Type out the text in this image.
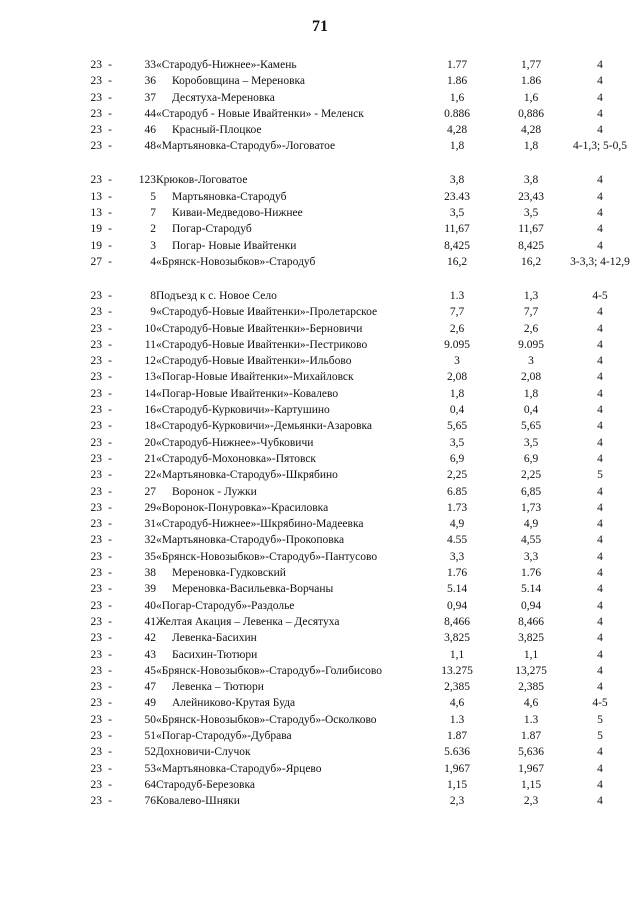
71
23	-	33	«Стародуб-Нижнее»-Камень	1.77	1,77	4
23	-	36	Коробовщина – Мереновка	1.86	1.86	4
23	-	37	Десятуха-Мереновка	1,6	1,6	4
23	-	44	«Стародуб - Новые Ивайтенки» - Меленск	0.886	0,886	4
23	-	46	Красный-Плоцкое	4,28	4,28	4
23	-	48	«Мартьяновка-Стародуб»-Логоватое	1,8	1,8	4-1,3; 5-0,5
23	-	123	Крюков-Логоватое	3,8	3,8	4
13	-	5	Мартьяновка-Стародуб	23.43	23,43	4
13	-	7	Киваи-Медведово-Нижнее	3,5	3,5	4
19	-	2	Погар-Стародуб	11,67	11,67	4
19	-	3	Погар- Новые Ивайтенки	8,425	8,425	4
27	-	4	«Брянск-Новозыбков»-Стародуб	16,2	16,2	3-3,3; 4-12,9
23	-	8	Подъезд к с. Новое Село	1.3	1,3	4-5
23	-	9	«Стародуб-Новые Ивайтенки»-Пролетарское	7,7	7,7	4
23	-	10	«Стародуб-Новые Ивайтенки»-Берновичи	2,6	2,6	4
23	-	11	«Стародуб-Новые Ивайтенки»-Пестриково	9.095	9.095	4
23	-	12	«Стародуб-Новые Ивайтенки»-Ильбово	3	3	4
23	-	13	«Погар-Новые Ивайтенки»-Михайловск	2,08	2,08	4
23	-	14	«Погар-Новые Ивайтенки»-Ковалево	1,8	1,8	4
23	-	16	«Стародуб-Курковичи»-Картушино	0,4	0,4	4
23	-	18	«Стародуб-Курковичи»-Демьянки-Азаровка	5,65	5,65	4
23	-	20	«Стародуб-Нижнее»-Чубковичи	3,5	3,5	4
23	-	21	«Стародуб-Мохоновка»-Пятовск	6,9	6,9	4
23	-	22	«Мартьяновка-Стародуб»-Шкрябино	2,25	2,25	5
23	-	27	Воронок - Лужки	6.85	6,85	4
23	-	29	«Воронок-Понуровка»-Красиловка	1.73	1,73	4
23	-	31	«Стародуб-Нижнее»-Шкрябино-Мадеевка	4,9	4,9	4
23	-	32	«Мартьяновка-Стародуб»-Прокоповка	4.55	4,55	4
23	-	35	«Брянск-Новозыбков»-Стародуб»-Пантусово	3,3	3,3	4
23	-	38	Мереновка-Гудковский	1.76	1.76	4
23	-	39	Мереновка-Васильевка-Ворчаны	5.14	5.14	4
23	-	40	«Погар-Стародуб»-Раздолье	0,94	0,94	4
23	-	41	Желтая Акация – Левенка – Десятуха	8,466	8,466	4
23	-	42	Левенка-Басихин	3,825	3,825	4
23	-	43	Басихин-Тютюри	1,1	1,1	4
23	-	45	«Брянск-Новозыбков»-Стародуб»-Голибисово	13.275	13,275	4
23	-	47	Левенка – Тютюри	2,385	2,385	4
23	-	49	Алейниково-Крутая Буда	4,6	4,6	4-5
23	-	50	«Брянск-Новозыбков»-Стародуб»-Осколково	1.3	1.3	5
23	-	51	«Погар-Стародуб»-Дубрава	1.87	1.87	5
23	-	52	Дохновичи-Случок	5.636	5,636	4
23	-	53	«Мартьяновка-Стародуб»-Ярцево	1,967	1,967	4
23	-	64	Стародуб-Березовка	1,15	1,15	4
23	-	76	Ковалево-Шняки	2,3	2,3	4
